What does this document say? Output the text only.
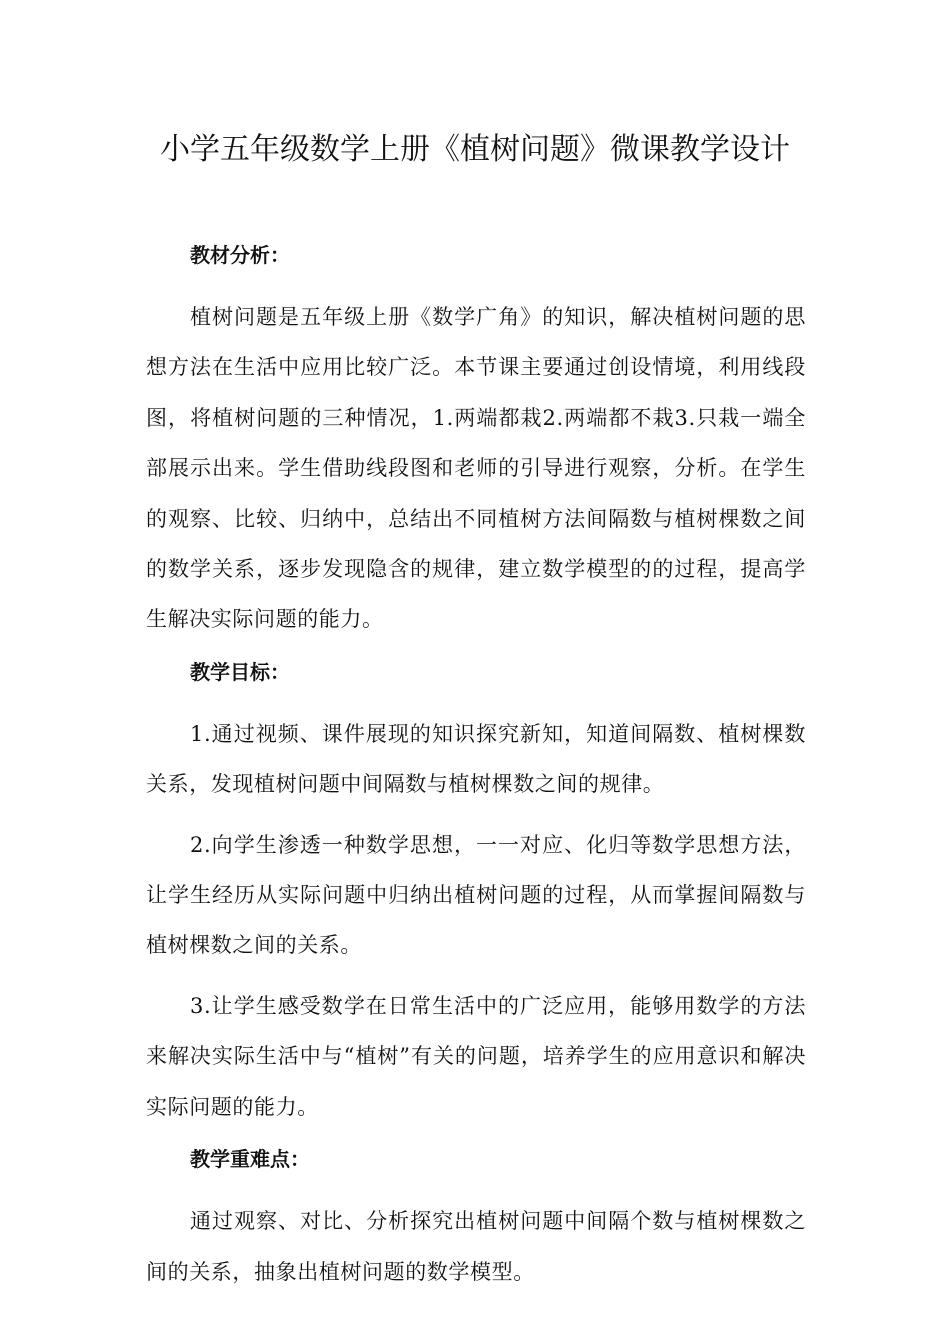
小学五年级数学上册《植树问题》微课教学设计
教材分析：

植树问题是五年级上册《数学广角》的知识，解决植树问题的思想方法在生活中应用比较广泛。本节课主要通过创设情境，利用线段图，将植树问题的三种情况，1.两端都栽2.两端都不栽3.只栽一端全部展示出来。学生借助线段图和老师的引导进行观察，分析。在学生的观察、比较、归纳中，总结出不同植树方法间隔数与植树棵数之间的数学关系，逐步发现隐含的规律，建立数学模型的的过程，提高学生解决实际问题的能力。

教学目标：

1.通过视频、课件展现的知识探究新知，知道间隔数、植树棵数关系，发现植树问题中间隔数与植树棵数之间的规律。

2.向学生渗透一种数学思想，一一对应、化归等数学思想方法，让学生经历从实际问题中归纳出植树问题的过程，从而掌握间隔数与植树棵数之间的关系。

3.让学生感受数学在日常生活中的广泛应用，能够用数学的方法来解决实际生活中与“植树”有关的问题，培养学生的应用意识和解决实际问题的能力。

教学重难点：

通过观察、对比、分析探究出植树问题中间隔个数与植树棵数之间的关系，抽象出植树问题的数学模型。
